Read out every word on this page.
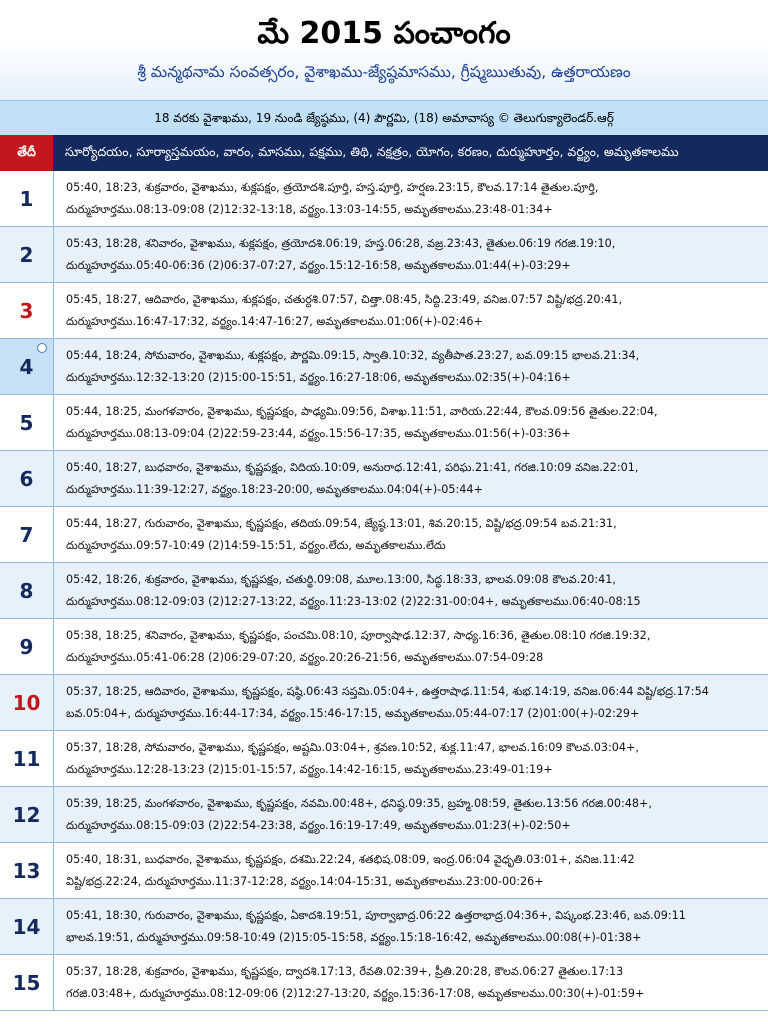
మే 2015 పంచాంగం
శ్రీ మన్మథనామ సంవత్సరం, వైశాఖము-జ్యేష్ఠమాసము, గ్రీష్మఋతువు, ఉత్తరాయణం
18 వరకు వైశాఖము, 19 నుండి జ్యేష్ఠము, (4) పౌర్ణమి, (18) అమావాస్య © తెలుగుక్యాలెండర్.ఆర్గ్
తేదీ	సూర్యోదయం, సూర్యాస్తమయం, వారం, మాసము, పక్షము, తిథి, నక్షత్రం, యోగం, కరణం, దుర్ముహూర్తం, వర్జ్యం, అమృతకాలము
1	05:40, 18:23, శుక్రవారం, వైశాఖము, శుక్లపక్షం, త్రయోదశి.పూర్తి, హస్త.పూర్తి, హర్షణ.23:15, కౌలవ.17:14 తైతుల.పూర్తి,
దుర్ముహూర్తము.08:13-09:08 (2)12:32-13:18, వర్జ్యం.13:03-14:55, అమృతకాలము.23:48-01:34+
2	05:43, 18:28, శనివారం, వైశాఖము, శుక్లపక్షం, త్రయోదశి.06:19, హస్త.06:28, వజ్ర.23:43, తైతుల.06:19 గరజి.19:10,
దుర్ముహూర్తము.05:40-06:36 (2)06:37-07:27, వర్జ్యం.15:12-16:58, అమృతకాలము.01:44(+)-03:29+
3	05:45, 18:27, ఆదివారం, వైశాఖము, శుక్లపక్షం, చతుర్దశి.07:57, చిత్తా.08:45, సిద్ది.23:49, వనిజ.07:57 విష్టి/భద్ర.20:41,
దుర్ముహూర్తము.16:47-17:32, వర్జ్యం.14:47-16:27, అమృతకాలము.01:06(+)-02:46+
4	05:44, 18:24, సోమవారం, వైశాఖము, శుక్లపక్షం, పౌర్ణమి.09:15, స్వాతి.10:32, వ్యతీపాత.23:27, బవ.09:15 భాలవ.21:34,
దుర్ముహూర్తము.12:32-13:20 (2)15:00-15:51, వర్జ్యం.16:27-18:06, అమృతకాలము.02:35(+)-04:16+
5	05:44, 18:25, మంగళవారం, వైశాఖము, కృష్ణపక్షం, పాఢ్యమి.09:56, విశాఖ.11:51, వారియ.22:44, కౌలవ.09:56 తైతుల.22:04,
దుర్ముహూర్తము.08:13-09:04 (2)22:59-23:44, వర్జ్యం.15:56-17:35, అమృతకాలము.01:56(+)-03:36+
6	05:40, 18:27, బుధవారం, వైశాఖము, కృష్ణపక్షం, విదియ.10:09, అనురాధ.12:41, పరిఘ.21:41, గరజి.10:09 వనిజ.22:01,
దుర్ముహూర్తము.11:39-12:27, వర్జ్యం.18:23-20:00, అమృతకాలము.04:04(+)-05:44+
7	05:44, 18:27, గురువారం, వైశాఖము, కృష్ణపక్షం, తదియ.09:54, జ్యేష్ఠ.13:01, శివ.20:15, విష్టి/భద్ర.09:54 బవ.21:31,
దుర్ముహూర్తము.09:57-10:49 (2)14:59-15:51, వర్జ్యం.లేదు, అమృతకాలము.లేదు
8	05:42, 18:26, శుక్రవారం, వైశాఖము, కృష్ణపక్షం, చతుర్థి.09:08, మూల.13:00, సిద్ధ.18:33, భాలవ.09:08 కౌలవ.20:41,
దుర్ముహూర్తము.08:12-09:03 (2)12:27-13:22, వర్జ్యం.11:23-13:02 (2)22:31-00:04+, అమృతకాలము.06:40-08:15
9	05:38, 18:25, శనివారం, వైశాఖము, కృష్ణపక్షం, పంచమి.08:10, పూర్వాషాఢ.12:37, సాధ్య.16:36, తైతుల.08:10 గరజి.19:32,
దుర్ముహూర్తము.05:41-06:28 (2)06:29-07:20, వర్జ్యం.20:26-21:56, అమృతకాలము.07:54-09:28
10	05:37, 18:25, ఆదివారం, వైశాఖము, కృష్ణపక్షం, షష్ఠి.06:43 సప్తమి.05:04+, ఉత్తరాషాఢ.11:54, శుభ.14:19, వనిజ.06:44 విష్టి/భద్ర.17:54
బవ.05:04+, దుర్ముహూర్తము.16:44-17:34, వర్జ్యం.15:46-17:15, అమృతకాలము.05:44-07:17 (2)01:00(+)-02:29+
11	05:37, 18:28, సోమవారం, వైశాఖము, కృష్ణపక్షం, అష్టమి.03:04+, శ్రవణ.10:52, శుక్ల.11:47, భాలవ.16:09 కౌలవ.03:04+,
దుర్ముహూర్తము.12:28-13:23 (2)15:01-15:57, వర్జ్యం.14:42-16:15, అమృతకాలము.23:49-01:19+
12	05:39, 18:25, మంగళవారం, వైశాఖము, కృష్ణపక్షం, నవమి.00:48+, ధనిష్ఠ.09:35, బ్రహ్మ.08:59, తైతుల.13:56 గరజి.00:48+,
దుర్ముహూర్తము.08:15-09:03 (2)22:54-23:38, వర్జ్యం.16:19-17:49, అమృతకాలము.01:23(+)-02:50+
13	05:40, 18:31, బుధవారం, వైశాఖము, కృష్ణపక్షం, దశమి.22:24, శతభిష.08:09, ఇంద్ర.06:04 వైధృతి.03:01+, వనిజ.11:42
విష్టి/భద్ర.22:24, దుర్ముహూర్తము.11:37-12:28, వర్జ్యం.14:04-15:31, అమృతకాలము.23:00-00:26+
14	05:41, 18:30, గురువారం, వైశాఖము, కృష్ణపక్షం, ఏకాదశి.19:51, పూర్వాభాద్ర.06:22 ఉత్తరాభాద్ర.04:36+, విష్కంభ.23:46, బవ.09:11
భాలవ.19:51, దుర్ముహూర్తము.09:58-10:49 (2)15:05-15:58, వర్జ్యం.15:18-16:42, అమృతకాలము.00:08(+)-01:38+
15	05:37, 18:28, శుక్రవారం, వైశాఖము, కృష్ణపక్షం, ద్వాదశి.17:13, రేవతి.02:39+, ప్రీతి.20:28, కౌలవ.06:27 తైతుల.17:13
గరజి.03:48+, దుర్ముహూర్తము.08:12-09:06 (2)12:27-13:20, వర్జ్యం.15:36-17:08, అమృతకాలము.00:30(+)-01:59+
